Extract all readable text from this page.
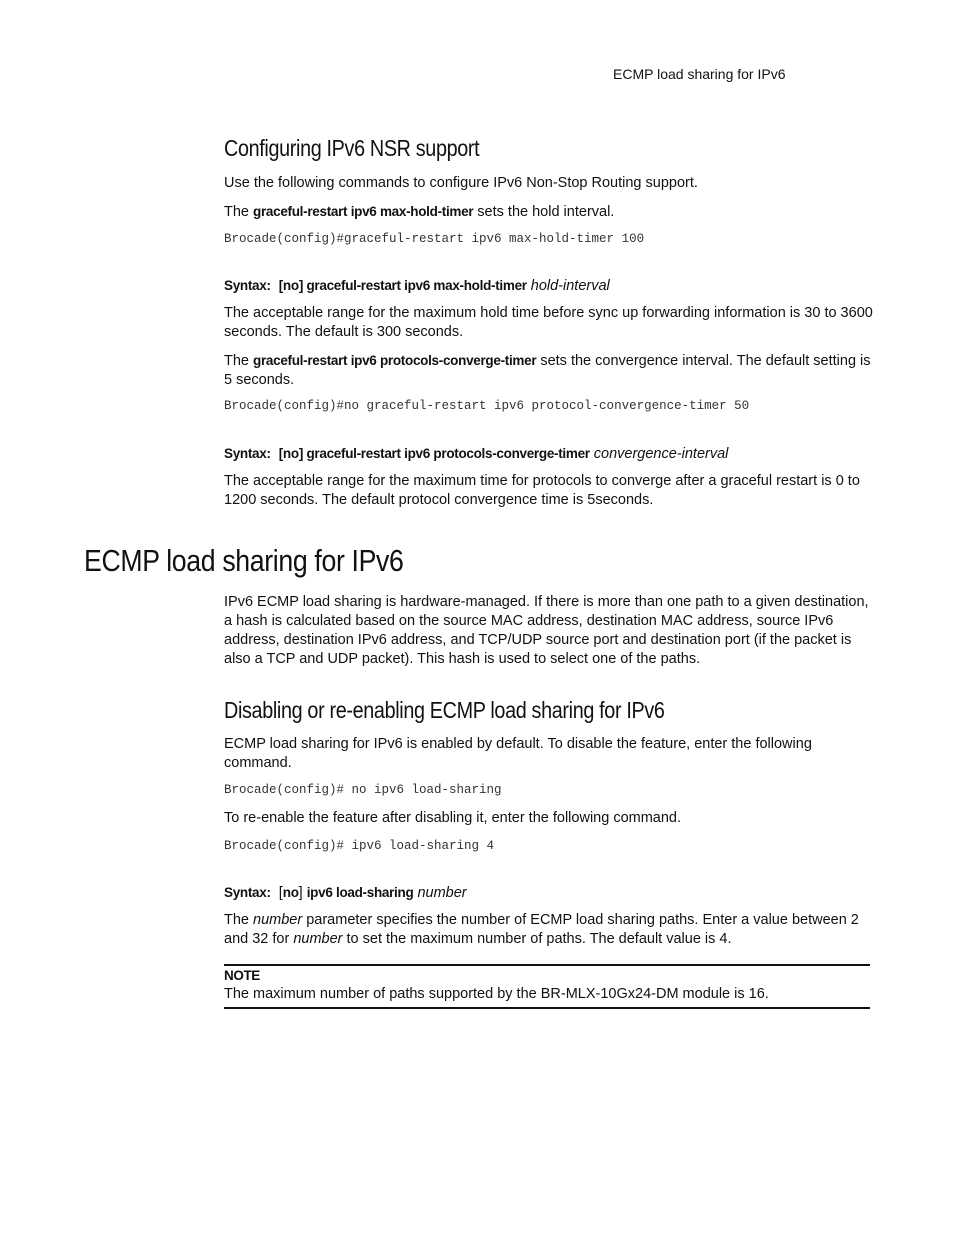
ECMP load sharing for IPv6
Configuring IPv6 NSR support

Use the following commands to configure IPv6 Non-Stop Routing support.

The graceful-restart ipv6 max-hold-timer sets the hold interval.

Brocade(config)#graceful-restart ipv6 max-hold-timer 100
Syntax: [no] graceful-restart ipv6 max-hold-timer hold-interval

The acceptable range for the maximum hold time before sync up forwarding information is 30 to 3600 seconds. The default is 300 seconds.

The graceful-restart ipv6 protocols-converge-timer sets the convergence interval. The default setting is 5 seconds.

Brocade(config)#no graceful-restart ipv6 protocol-convergence-timer 50
Syntax: [no] graceful-restart ipv6 protocols-converge-timer convergence-interval

The acceptable range for the maximum time for protocols to converge after a graceful restart is 0 to 1200 seconds. The default protocol convergence time is 5seconds.

ECMP load sharing for IPv6

IPv6 ECMP load sharing is hardware-managed. If there is more than one path to a given destination, a hash is calculated based on the source MAC address, destination MAC address, source IPv6 address, destination IPv6 address, and TCP/UDP source port and destination port (if the packet is also a TCP and UDP packet). This hash is used to select one of the paths.

Disabling or re-enabling ECMP load sharing for IPv6

ECMP load sharing for IPv6 is enabled by default. To disable the feature, enter the following command.

Brocade(config)# no ipv6 load-sharing

To re-enable the feature after disabling it, enter the following command.

Brocade(config)# ipv6 load-sharing 4
Syntax: [no] ipv6 load-sharing number

The number parameter specifies the number of ECMP load sharing paths. Enter a value between 2 and 32 for number to set the maximum number of paths. The default value is 4.

NOTE

The maximum number of paths supported by the BR-MLX-10Gx24-DM module is 16.
